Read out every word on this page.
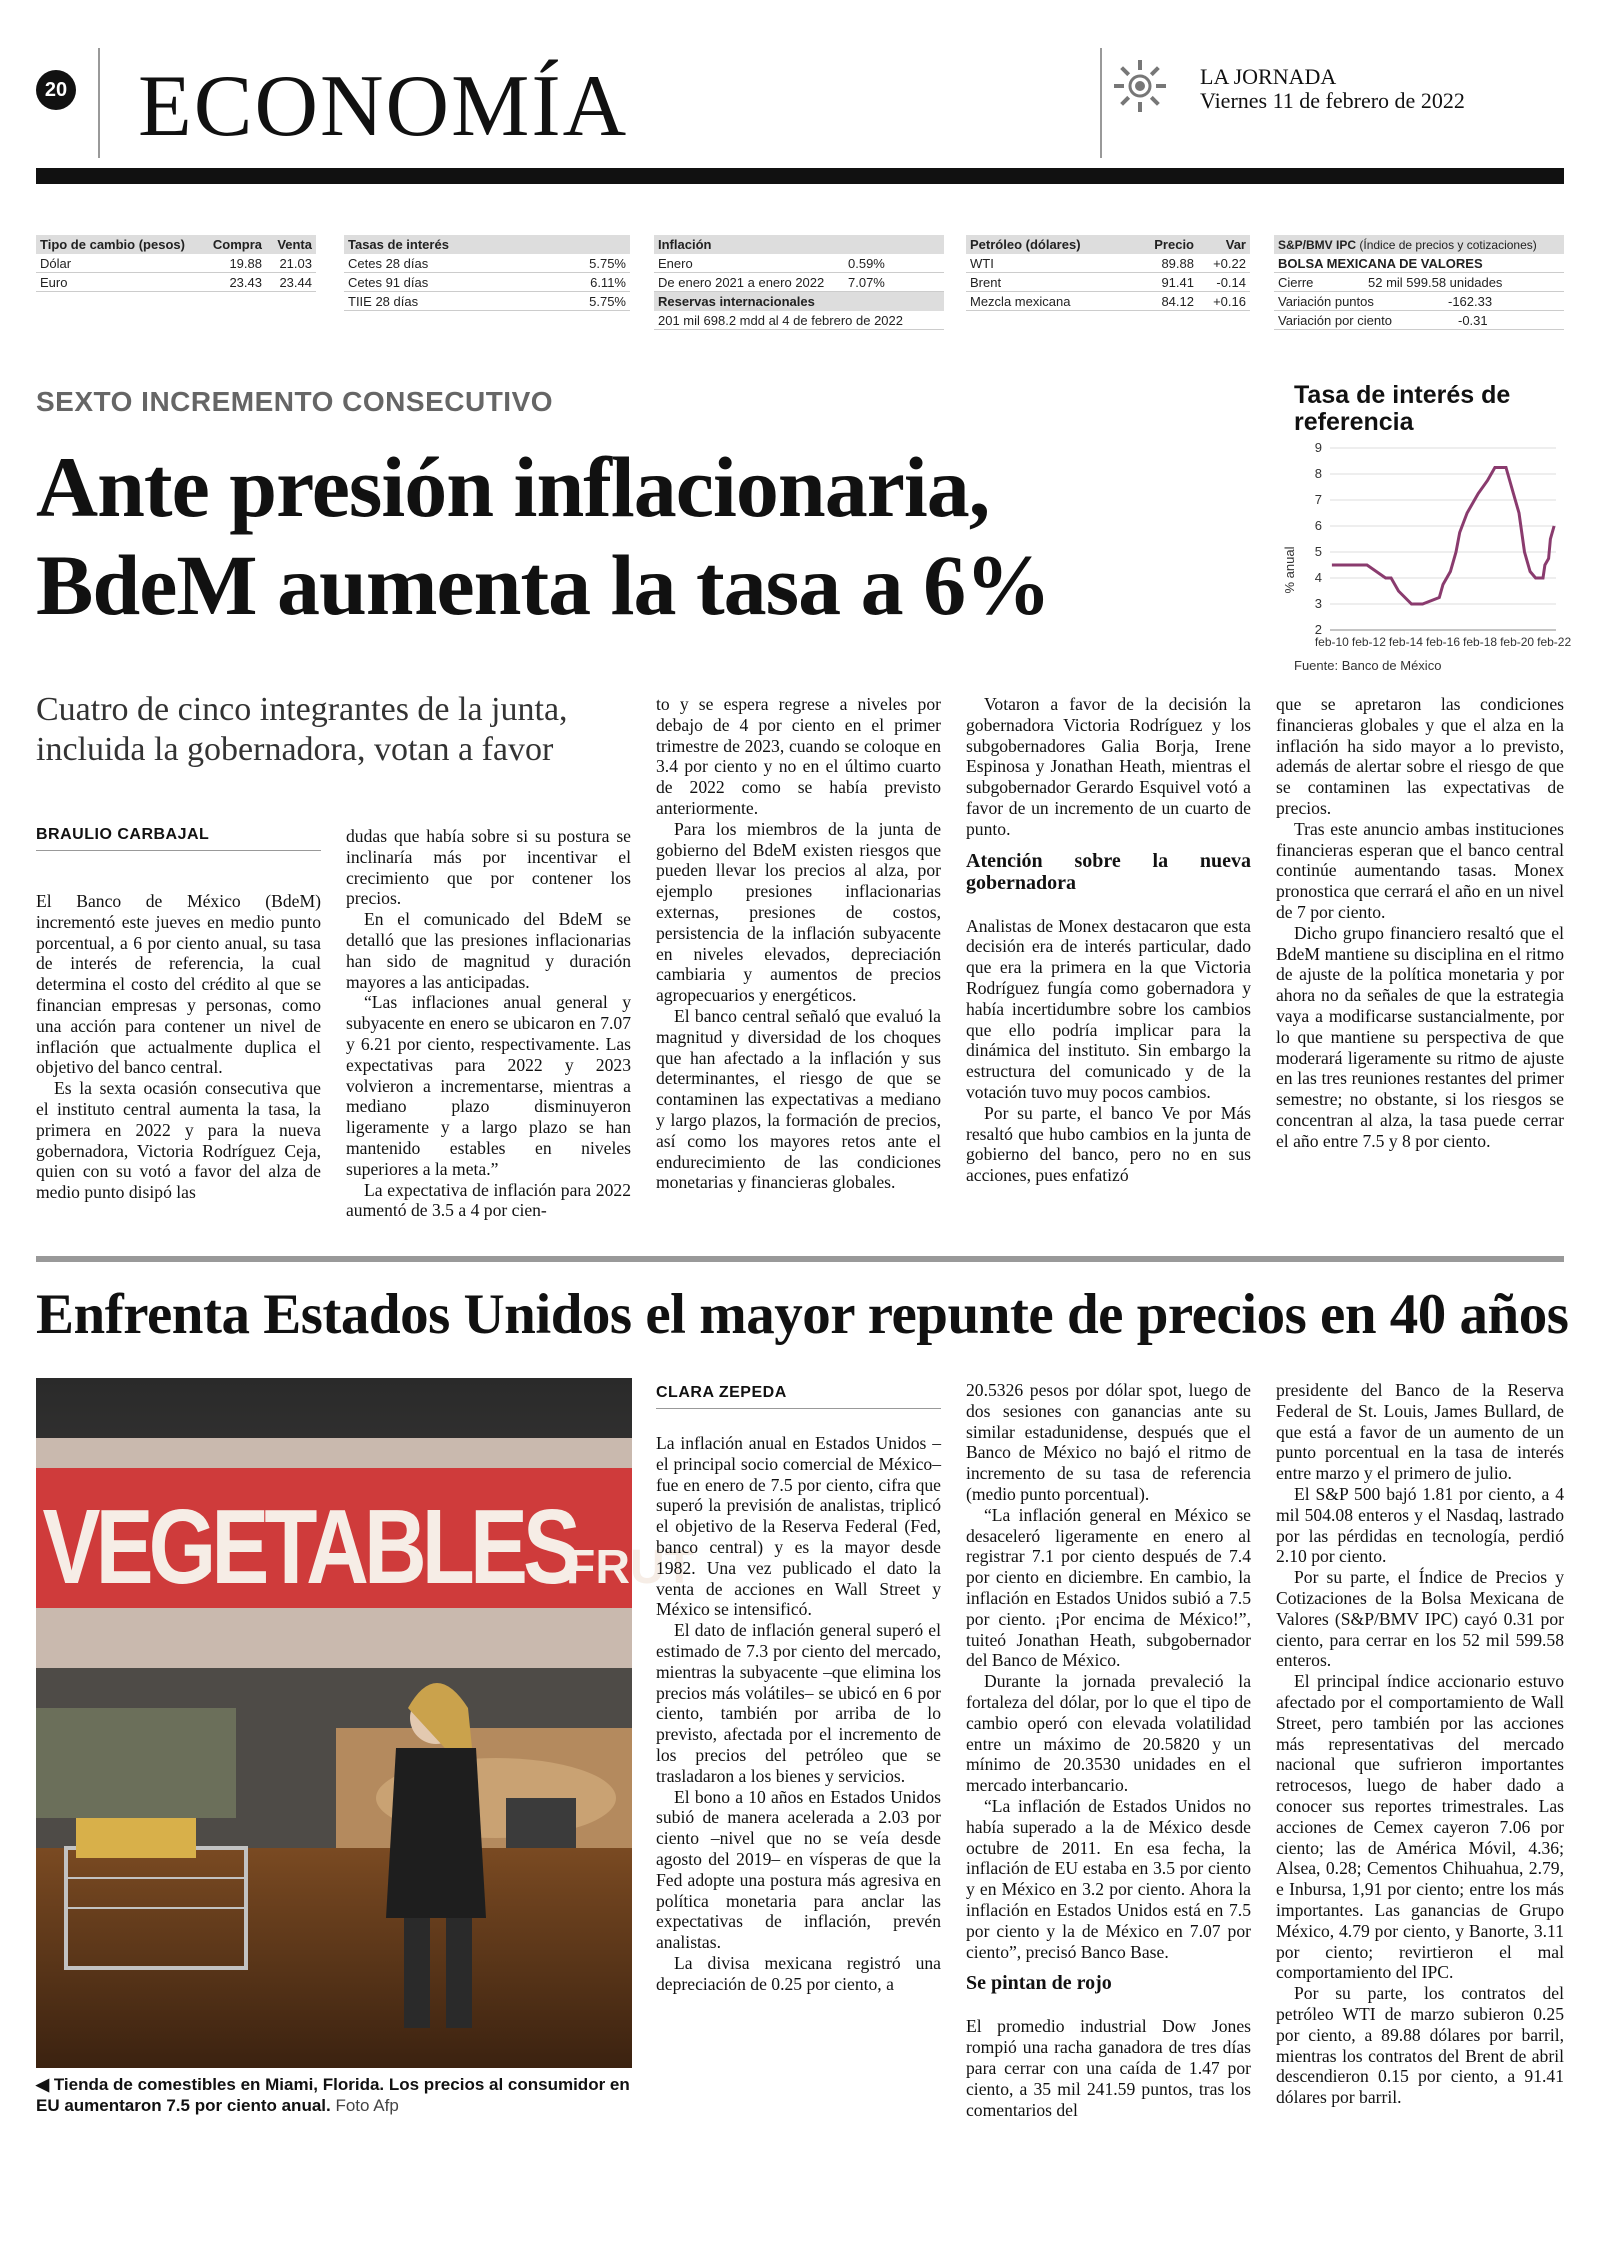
20 ECONOMÍA	LA JORNADA
Viernes 11 de febrero de 2022
Tipo de cambio (pesos)	Compra	Venta
Dólar	19.88	21.03
Euro	23.43	23.44
Tasas de interés
Cetes 28 días	5.75%
Cetes 91 días	6.11%
TIIE 28 días	5.75%
Inflación
Enero	0.59%
De enero 2021 a enero 2022	7.07%
Reservas internacionales
201 mil 698.2 mdd al 4 de febrero de 2022
Petróleo (dólares)	Precio	Var
WTI	89.88	+0.22
Brent	91.41	-0.14
Mezcla mexicana	84.12	+0.16
S&P/BMV IPC
(Índice de precios y cotizaciones)
BOLSA MEXICANA DE VALORES
Cierre	52 mil 599.58 unidades
Variación puntos	-162.33
Variación por ciento	-0.31
SEXTO INCREMENTO CONSECUTIVO
Ante presión inflacionaria,
BdeM aumenta la tasa a 6%
Cuatro de cinco integrantes de la junta, incluida la gobernadora, votan a favor
BRAULIO CARBAJAL

El Banco de México (BdeM) incrementó este jueves en medio punto porcentual, a 6 por ciento anual, su tasa de interés de referencia, la cual determina el costo del crédito al que se financian empresas y personas, como una acción para contener un nivel de inflación que actualmente duplica el objetivo del banco central.

Es la sexta ocasión consecutiva que el instituto central aumenta la tasa, la primera en 2022 y para la nueva gobernadora, Victoria Rodríguez Ceja, quien con su votó a favor del alza de medio punto disipó las

dudas que había sobre si su postura se inclinaría más por incentivar el crecimiento que por contener los precios.

En el comunicado del BdeM se detalló que las presiones inflacionarias han sido de magnitud y duración mayores a las anticipadas.

“Las inflaciones anual general y subyacente en enero se ubicaron en 7.07 y 6.21 por ciento, respectivamente. Las expectativas para 2022 y 2023 volvieron a incrementarse, mientras a mediano plazo disminuyeron ligeramente y a largo plazo se han mantenido estables en niveles superiores a la meta.”

La expectativa de inflación para 2022 aumentó de 3.5 a 4 por cien-

to y se espera regrese a niveles por debajo de 4 por ciento en el primer trimestre de 2023, cuando se coloque en 3.4 por ciento y no en el último cuarto de 2022 como se había previsto anteriormente.

Para los miembros de la junta de gobierno del BdeM existen riesgos que pueden llevar los precios al alza, por ejemplo presiones inflacionarias externas, presiones de costos, persistencia de la inflación subyacente en niveles elevados, depreciación cambiaria y aumentos de precios agropecuarios y energéticos.

El banco central señaló que evaluó la magnitud y diversidad de los choques que han afectado a la inflación y sus determinantes, el riesgo de que se contaminen las expectativas a mediano y largo plazos, la formación de precios, así como los mayores retos ante el endurecimiento de las condiciones monetarias y financieras globales.

Votaron a favor de la decisión la gobernadora Victoria Rodríguez y los subgobernadores Galia Borja, Irene Espinosa y Jonathan Heath, mientras el subgobernador Gerardo Esquivel votó a favor de un incremento de un cuarto de punto.

Atención sobre la nueva gobernadora

Analistas de Monex destacaron que esta decisión era de interés particular, dado que era la primera en la que Victoria Rodríguez fungía como gobernadora y había incertidumbre sobre los cambios que ello podría implicar para la dinámica del instituto. Sin embargo la estructura del comunicado y de la votación tuvo muy pocos cambios.

Por su parte, el banco Ve por Más resaltó que hubo cambios en la junta de gobierno del banco, pero no en sus acciones, pues enfatizó

que se apretaron las condiciones financieras globales y que el alza en la inflación ha sido mayor a lo previsto, además de alertar sobre el riesgo de que se contaminen las expectativas de precios.

Tras este anuncio ambas instituciones financieras esperan que el banco central continúe aumentando tasas. Monex pronostica que cerrará el año en un nivel de 7 por ciento.

Dicho grupo financiero resaltó que el BdeM mantiene su disciplina en el ritmo de ajuste de la política monetaria y por ahora no da señales de que la estrategia vaya a modificarse sustancialmente, por lo que mantiene su perspectiva de que moderará ligeramente su ritmo de ajuste en las tres reuniones restantes del primer semestre; no obstante, si los riesgos se concentran al alza, la tasa puede cerrar el año entre 7.5 y 8 por ciento.

Tasa de interés de referencia
2
3
4
5
6
7
8
9
feb-10 feb-12 feb-14 feb-16 feb-18 feb-20 feb-22
% anual
Fuente: Banco de México
Enfrenta Estados Unidos el mayor repunte de precios en 40 años
VEGETABLES
FRUT
◀ Tienda de comestibles en Miami, Florida. Los precios al consumidor en EU aumentaron 7.5 por ciento anual. Foto Afp
CLARA ZEPEDA

La inflación anual en Estados Unidos –el principal socio comercial de México– fue en enero de 7.5 por ciento, cifra que superó la previsión de analistas, triplicó el objetivo de la Reserva Federal (Fed, banco central) y es la mayor desde 1982. Una vez publicado el dato la venta de acciones en Wall Street y México se intensificó.

El dato de inflación general superó el estimado de 7.3 por ciento del mercado, mientras la subyacente –que elimina los precios más volátiles– se ubicó en 6 por ciento, también por arriba de lo previsto, afectada por el incremento de los precios del petróleo que se trasladaron a los bienes y servicios.

El bono a 10 años en Estados Unidos subió de manera acelerada a 2.03 por ciento –nivel que no se veía desde agosto del 2019– en vísperas de que la Fed adopte una postura más agresiva en política monetaria para anclar las expectativas de inflación, prevén analistas.

La divisa mexicana registró una depreciación de 0.25 por ciento, a

20.5326 pesos por dólar spot, luego de dos sesiones con ganancias ante su similar estadunidense, después que el Banco de México no bajó el ritmo de incremento de su tasa de referencia (medio punto porcentual).

“La inflación general en México se desaceleró ligeramente en enero al registrar 7.1 por ciento después de 7.4 por ciento en diciembre. En cambio, la inflación en Estados Unidos subió a 7.5 por ciento. ¡Por encima de México!”, tuiteó Jonathan Heath, subgobernador del Banco de México.

Durante la jornada prevaleció la fortaleza del dólar, por lo que el tipo de cambio operó con elevada volatilidad entre un máximo de 20.5820 y un mínimo de 20.3530 unidades en el mercado interbancario.

“La inflación de Estados Unidos no había superado a la de México desde octubre de 2011. En esa fecha, la inflación de EU estaba en 3.5 por ciento y en México en 3.2 por ciento. Ahora la inflación en Estados Unidos está en 7.5 por ciento y la de México en 7.07 por ciento”, precisó Banco Base.

Se pintan de rojo

El promedio industrial Dow Jones rompió una racha ganadora de tres días para cerrar con una caída de 1.47 por ciento, a 35 mil 241.59 puntos, tras los comentarios del

presidente del Banco de la Reserva Federal de St. Louis, James Bullard, de que está a favor de un aumento de un punto porcentual en la tasa de interés entre marzo y el primero de julio.

El S&P 500 bajó 1.81 por ciento, a 4 mil 504.08 enteros y el Nasdaq, lastrado por las pérdidas en tecnología, perdió 2.10 por ciento.

Por su parte, el Índice de Precios y Cotizaciones de la Bolsa Mexicana de Valores (S&P/BMV IPC) cayó 0.31 por ciento, para cerrar en los 52 mil 599.58 enteros.

El principal índice accionario estuvo afectado por el comportamiento de Wall Street, pero también por las acciones más representativas del mercado nacional que sufrieron importantes retrocesos, luego de haber dado a conocer sus reportes trimestrales. Las acciones de Cemex cayeron 7.06 por ciento; las de América Móvil, 4.36; Alsea, 0.28; Cementos Chihuahua, 2.79, e Inbursa, 1,91 por ciento; entre los más importantes. Las ganancias de Grupo México, 4.79 por ciento, y Banorte, 3.11 por ciento; revirtieron el mal comportamiento del IPC.

Por su parte, los contratos del petróleo WTI de marzo subieron 0.25 por ciento, a 89.88 dólares por barril, mientras los contratos del Brent de abril descendieron 0.15 por ciento, a 91.41 dólares por barril.
